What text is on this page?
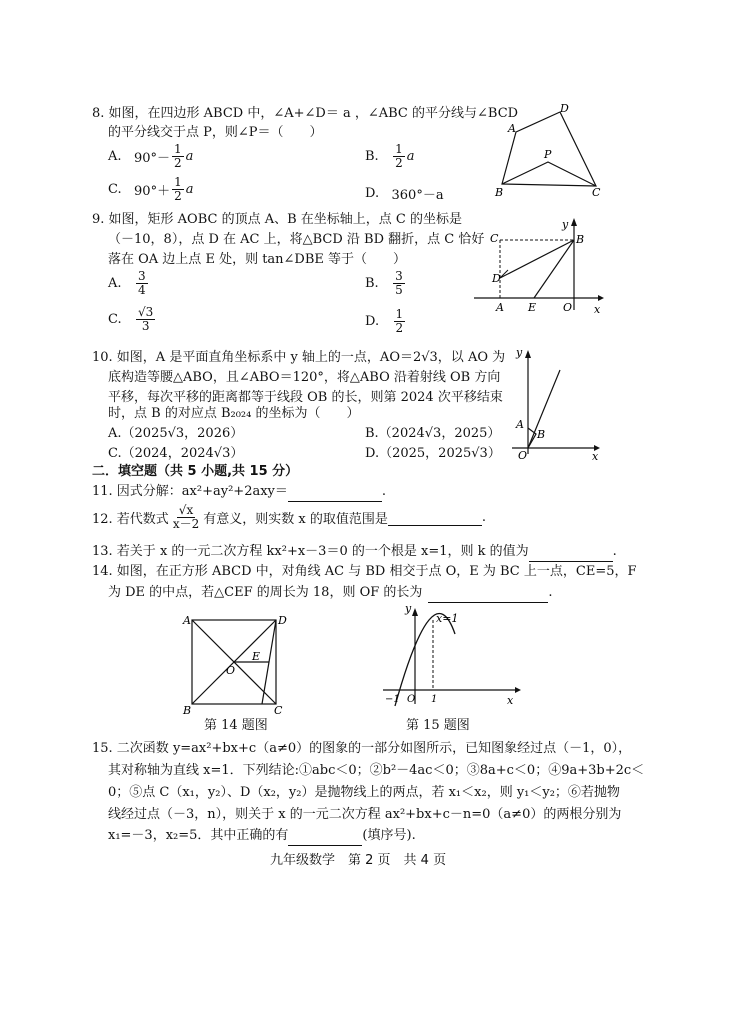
8. 如图，在四边形 ABCD 中，∠A+∠D＝ a ，∠ABC 的平分线与∠BCD
的平分线交于点 P，则∠P＝（　　）
A.
$90^\circ- \frac{1}{2}$ a	B.
$\frac{1}{2}$ a
C.
$90^\circ+ \frac{1}{2}$ a	D.
360°－a
D
A
B	C
P
9. 如图，矩形 AOBC 的顶点 A、B 在坐标轴上，点 C 的坐标是
（－10，8），点 D 在 AC 上，将△BCD 沿 BD 翻折，点 C 恰好
落在 OA 边上点 E 处，则 tan∠DBE 等于（　　）
A.
$\frac{3}{4}$	B.
$\frac{3}{5}$
C.
$\frac{√3}{3}$	D.
$\frac{1}{2}$
C	B
D
A E O x
y
10. 如图，A 是平面直角坐标系中 y 轴上的一点，AO＝2√3，以 AO 为
底构造等腰△ABO，且∠ABO＝120°，将△ABO 沿着射线 OB 方向
平移，每次平移的距离都等于线段 OB 的长，则第 2024 次平移结束
时，点 B 的对应点 B₂₀₂₄ 的坐标为（　　）
A.（2025√3，2026）	B.（2024√3，2025）
C.（2024，2024√3）	D.（2025，2025√3）
y
A
B
O	x
二．填空题（共 5 小题,共 15 分）
11. 因式分解：ax²+ay²+2axy＝	.
12. 若代数式 $\frac{√x}{x-2}$ 有意义，则实数 x 的取值范围是
	.
13. 若关于 x 的一元二次方程 kx²+x－3＝0 的一个根是 x=1，则 k 的值为	.
14. 如图，在正方形 ABCD 中，对角线 AC 与 BD 相交于点 O，E 为 BC 上一点，CE=5，F
为 DE 的中点，若△CEF 的周长为 18，则 OF 的长为	.
A	D
B	C
O
E
第 14 题图
y
x=1
−1 O 1	x
第 15 题图
15. 二次函数 y=ax²+bx+c（a≠0）的图象的一部分如图所示，已知图象经过点（－1，0），
其对称轴为直线 x=1．下列结论:①abc＜0；②b²－4ac＜0；③8a+c＜0；④9a+3b+2c＜
0；⑤点 C（x₁，y₂）、D（x₂，y₂）是抛物线上的两点，若 x₁＜x₂，则 y₁＜y₂；⑥若抛物
线经过点（－3，n），则关于 x 的一元二次方程 ax²+bx+c－n=0（a≠0）的两根分别为
x₁=－3，x₂=5．其中正确的有	(填序号).
九年级数学　第 2 页　共 4 页
